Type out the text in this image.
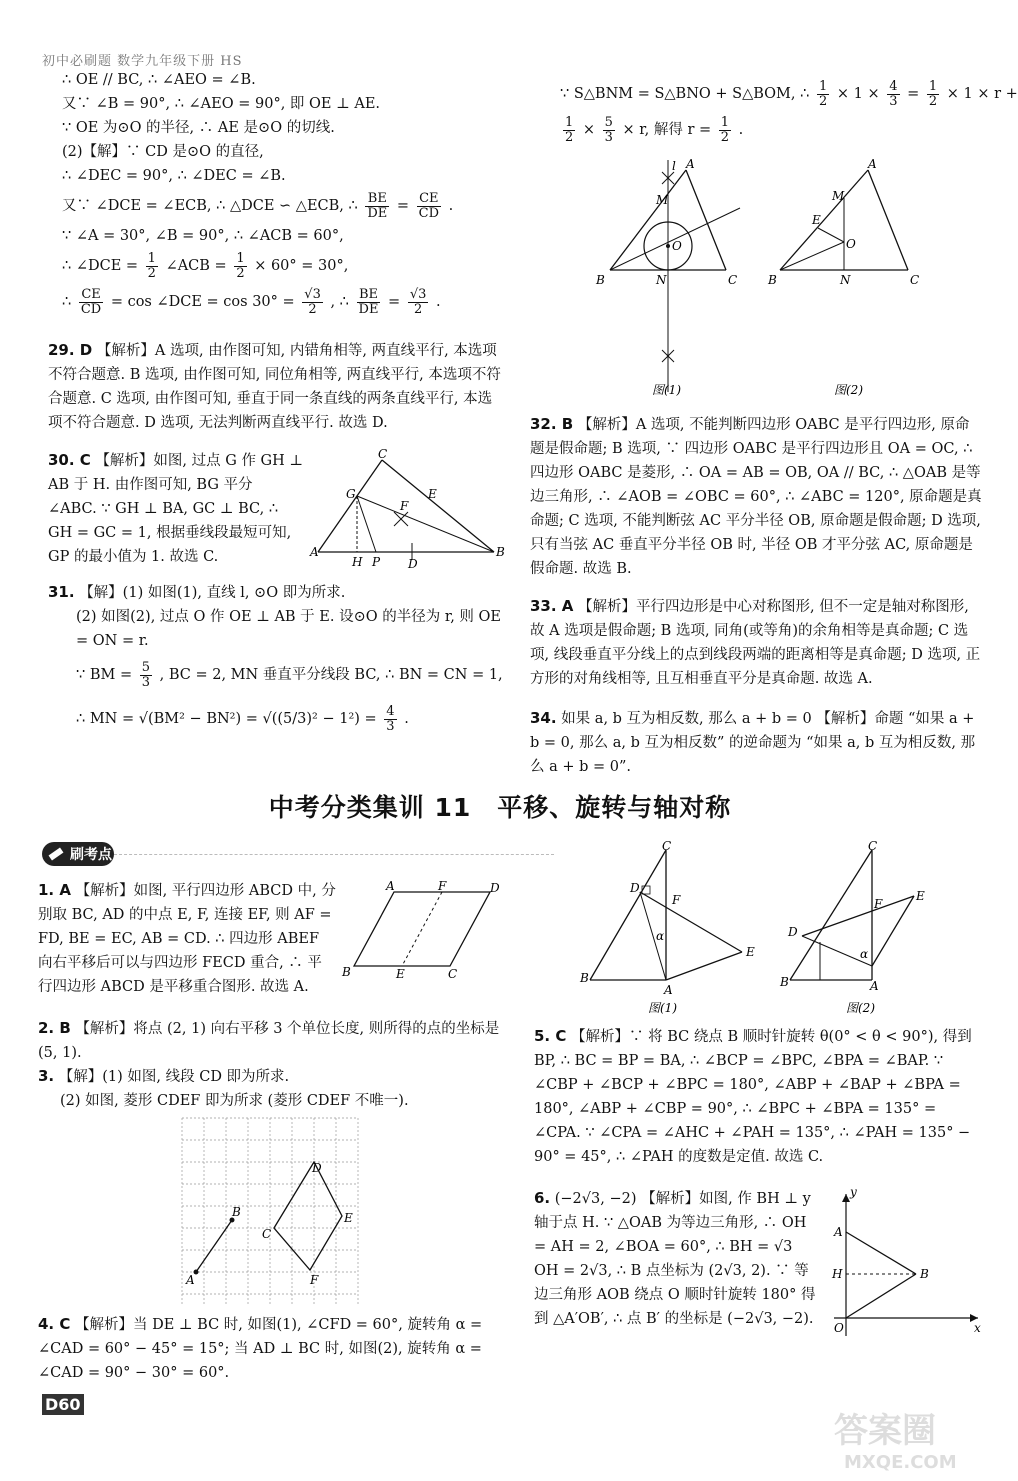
初中必刷题 数学九年级下册 HS
∴ OE // BC, ∴ ∠AEO = ∠B.
又∵ ∠B = 90°, ∴ ∠AEO = 90°, 即 OE ⊥ AE.
∵ OE 为⊙O 的半径, ∴ AE 是⊙O 的切线.
(2)【解】∵ CD 是⊙O 的直径,
∴ ∠DEC = 90°, ∴ ∠DEC = ∠B.
又∵ ∠DCE = ∠ECB, ∴ △DCE ∽ △ECB, ∴ $\frac{BE}{DE} = \frac{CE}{CD}$ .
∵ ∠A = 30°, ∠B = 90°, ∴ ∠ACB = 60°,
∴ ∠DCE = $\frac{1}{2}$ ∠ACB = $\frac{1}{2} \times 60^\circ = 30^\circ$,
∴ $\frac{CE}{CD} = \cos$ ∠DCE = $\cos 30^\circ = \frac{√3}{2}$ , ∴ $\frac{BE}{DE} = \frac{√3}{2}$ .
29. D 【解析】A 选项, 由作图可知, 内错角相等, 两直线平行, 本选项不符合题意. B 选项, 由作图可知, 同位角相等, 两直线平行, 本选项不符合题意. C 选项, 由作图可知, 垂直于同一条直线的两条直线平行, 本选项不符合题意. D 选项, 无法判断两直线平行. 故选 D.
30. C 【解析】如图, 过点 G 作 GH ⊥ AB 于 H. 由作图可知, BG 平分 ∠ABC. ∵ GH ⊥ BA, GC ⊥ BC, ∴ GH = GC = 1, 根据垂线段最短可知, GP 的最小值为 1. 故选 C.	A	B
C
G
F
E
H P D
31. 【解】(1) 如图(1), 直线 l, ⊙O 即为所求.
(2) 如图(2), 过点 O 作 OE ⊥ AB 于 E. 设⊙O 的半径为 r, 则 OE = ON = r.
∵ BM = $\frac{5}{3}$ , BC = 2, MN 垂直平分线段 BC, ∴ BN = CN = 1,
∴ MN = $√(BM^2 - BN^2) = √((5/3)^2 - 1^2) = \frac{4}{3}$ .
∵ S△BNM = S△BNO + S△BOM, ∴ $\frac{1}{2} \times 1 \times \frac{4}{3} = \frac{1}{2} \times 1 \times r$ +
$\frac{1}{2} \times \frac{5}{3} \times r$, 解得 $r = \frac{1}{2}$ .
B	C
A
M
N
O
l
图(1)
B	C
A
M
E
O
N
图(2)
32. B 【解析】A 选项, 不能判断四边形 OABC 是平行四边形, 原命题是假命题; B 选项, ∵ 四边形 OABC 是平行四边形且 OA = OC, ∴ 四边形 OABC 是菱形, ∴ OA = AB = OB, OA // BC, ∴ △OAB 是等边三角形, ∴ ∠AOB = ∠OBC = 60°, ∴ ∠ABC = 120°, 原命题是真命题; C 选项, 不能判断弦 AC 平分半径 OB, 原命题是假命题; D 选项, 只有当弦 AC 垂直平分半径 OB 时, 半径 OB 才平分弦 AC, 原命题是假命题. 故选 B.
33. A 【解析】平行四边形是中心对称图形, 但不一定是轴对称图形, 故 A 选项是假命题; B 选项, 同角(或等角)的余角相等是真命题; C 选项, 线段垂直平分线上的点到线段两端的距离相等是真命题; D 选项, 正方形的对角线相等, 且互相垂直平分是真命题. 故选 A.
34. 如果 a, b 互为相反数, 那么 a + b = 0 【解析】命题 “如果 a + b = 0, 那么 a, b 互为相反数” 的逆命题为 “如果 a, b 互为相反数, 那么 a + b = 0”.
中考分类集训 11　平移、旋转与轴对称
刷考点
1. A 【解析】如图, 平行四边形 ABCD 中, 分别取 BC, AD 的中点 E, F, 连接 EF, 则 AF = FD, BE = EC, AB = CD. ∴ 四边形 ABEF 向右平移后可以与四边形 FECD 重合, ∴ 平行四边形 ABCD 是平移重合图形. 故选 A.
A	F	D
B	E	C
2. B 【解析】将点 (2, 1) 向右平移 3 个单位长度, 则所得的点的坐标是 (5, 1).
3. 【解】(1) 如图, 线段 CD 即为所求.
(2) 如图, 菱形 CDEF 即为所求 (菱形 CDEF 不唯一).
A
B
C
D
E
F
4. C 【解析】当 DE ⊥ BC 时, 如图(1), ∠CFD = 60°, 旋转角 α = ∠CAD = 60° − 45° = 15°; 当 AD ⊥ BC 时, 如图(2), 旋转角 α = ∠CAD = 90° − 30° = 60°.
C
D
F
α
B
E
A
图(1)
C
D
F
E
α
B	A
图(2)
5. C 【解析】∵ 将 BC 绕点 B 顺时针旋转 θ(0° < θ < 90°), 得到 BP, ∴ BC = BP = BA, ∴ ∠BCP = ∠BPC, ∠BPA = ∠BAP. ∵ ∠CBP + ∠BCP + ∠BPC = 180°, ∠ABP + ∠BAP + ∠BPA = 180°, ∠ABP + ∠CBP = 90°, ∴ ∠BPC + ∠BPA = 135° = ∠CPA. ∵ ∠CPA = ∠AHC + ∠PAH = 135°, ∴ ∠PAH = 135° − 90° = 45°, ∴ ∠PAH 的度数是定值. 故选 C.
6. (−2√3, −2) 【解析】如图, 作 BH ⊥ y 轴于点 H. ∵ △OAB 为等边三角形, ∴ OH = AH = 2, ∠BOA = 60°, ∴ BH = √3 OH = 2√3, ∴ B 点坐标为 (2√3, 2). ∵ 等边三角形 AOB 绕点 O 顺时针旋转 180° 得到 △A′OB′, ∴ 点 B′ 的坐标是 (−2√3, −2).
A
H	B
O
y
x
D60
答案圈
MXQE.COM
